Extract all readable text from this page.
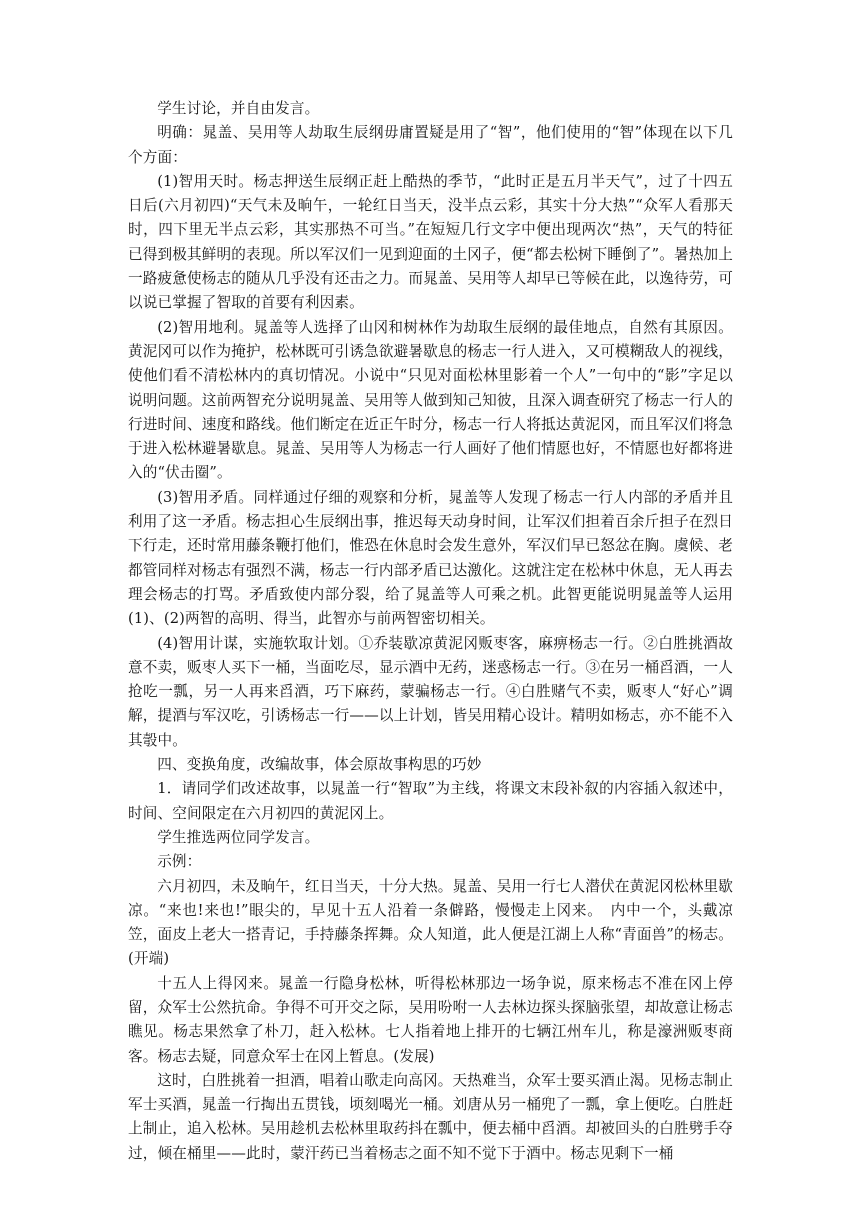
学生讨论，并自由发言。

明确：晁盖、吴用等人劫取生辰纲毋庸置疑是用了“智”，他们使用的“智”体现在以下几个方面：

(1)智用天时。杨志押送生辰纲正赶上酷热的季节，“此时正是五月半天气”，过了十四五日后(六月初四)“天气未及晌午，一轮红日当天，没半点云彩，其实十分大热”“众军人看那天时，四下里无半点云彩，其实那热不可当。”在短短几行文字中便出现两次“热”，天气的特征已得到极其鲜明的表现。所以军汉们一见到迎面的土冈子，便“都去松树下睡倒了”。暑热加上一路疲惫使杨志的随从几乎没有还击之力。而晁盖、吴用等人却早已等候在此，以逸待劳，可以说已掌握了智取的首要有利因素。

(2)智用地利。晁盖等人选择了山冈和树林作为劫取生辰纲的最佳地点，自然有其原因。黄泥冈可以作为掩护，松林既可引诱急欲避暑歇息的杨志一行人进入，又可模糊敌人的视线，使他们看不清松林内的真切情况。小说中“只见对面松林里影着一个人”一句中的“影”字足以说明问题。这前两智充分说明晁盖、吴用等人做到知己知彼，且深入调查研究了杨志一行人的行进时间、速度和路线。他们断定在近正午时分，杨志一行人将抵达黄泥冈，而且军汉们将急于进入松林避暑歇息。晁盖、吴用等人为杨志一行人画好了他们情愿也好，不情愿也好都将进入的“伏击圈”。

(3)智用矛盾。同样通过仔细的观察和分析，晁盖等人发现了杨志一行人内部的矛盾并且利用了这一矛盾。杨志担心生辰纲出事，推迟每天动身时间，让军汉们担着百余斤担子在烈日下行走，还时常用藤条鞭打他们，惟恐在休息时会发生意外，军汉们早已怒忿在胸。虞候、老都管同样对杨志有强烈不满，杨志一行内部矛盾已达激化。这就注定在松林中休息，无人再去理会杨志的打骂。矛盾致使内部分裂，给了晁盖等人可乘之机。此智更能说明晁盖等人运用(1)、(2)两智的高明、得当，此智亦与前两智密切相关。

(4)智用计谋，实施软取计划。①乔装歇凉黄泥冈贩枣客，麻痹杨志一行。②白胜挑酒故意不卖，贩枣人买下一桶，当面吃尽，显示酒中无药，迷惑杨志一行。③在另一桶舀酒，一人抢吃一瓢，另一人再来舀酒，巧下麻药，蒙骗杨志一行。④白胜赌气不卖，贩枣人“好心”调解，提酒与军汉吃，引诱杨志一行——以上计划，皆吴用精心设计。精明如杨志，亦不能不入其彀中。

四、变换角度，改编故事，体会原故事构思的巧妙

1．请同学们改述故事，以晁盖一行“智取”为主线，将课文末段补叙的内容插入叙述中，时间、空间限定在六月初四的黄泥冈上。

学生推选两位同学发言。

示例：

六月初四，未及晌午，红日当天，十分大热。晁盖、吴用一行七人潜伏在黄泥冈松林里歇凉。“来也!来也!”眼尖的，早见十五人沿着一条僻路，慢慢走上冈来。　内中一个，头戴凉笠，面皮上老大一搭青记，手持藤条挥舞。众人知道，此人便是江湖上人称“青面兽”的杨志。(开端)

十五人上得冈来。晁盖一行隐身松林，听得松林那边一场争说，原来杨志不准在冈上停留，众军士公然抗命。争得不可开交之际，吴用吩咐一人去林边探头探脑张望，却故意让杨志瞧见。杨志果然拿了朴刀，赶入松林。七人指着地上排开的七辆江州车儿，称是濠洲贩枣商客。杨志去疑，同意众军士在冈上暂息。(发展)

这时，白胜挑着一担酒，唱着山歌走向高冈。天热难当，众军士要买酒止渴。见杨志制止军士买酒，晁盖一行掏出五贯钱，顷刻喝光一桶。刘唐从另一桶兜了一瓢，拿上便吃。白胜赶上制止，追入松林。吴用趁机去松林里取药抖在瓢中，便去桶中舀酒。却被回头的白胜劈手夺过，倾在桶里——此时，蒙汗药已当着杨志之面不知不觉下于酒中。杨志见剩下一桶
